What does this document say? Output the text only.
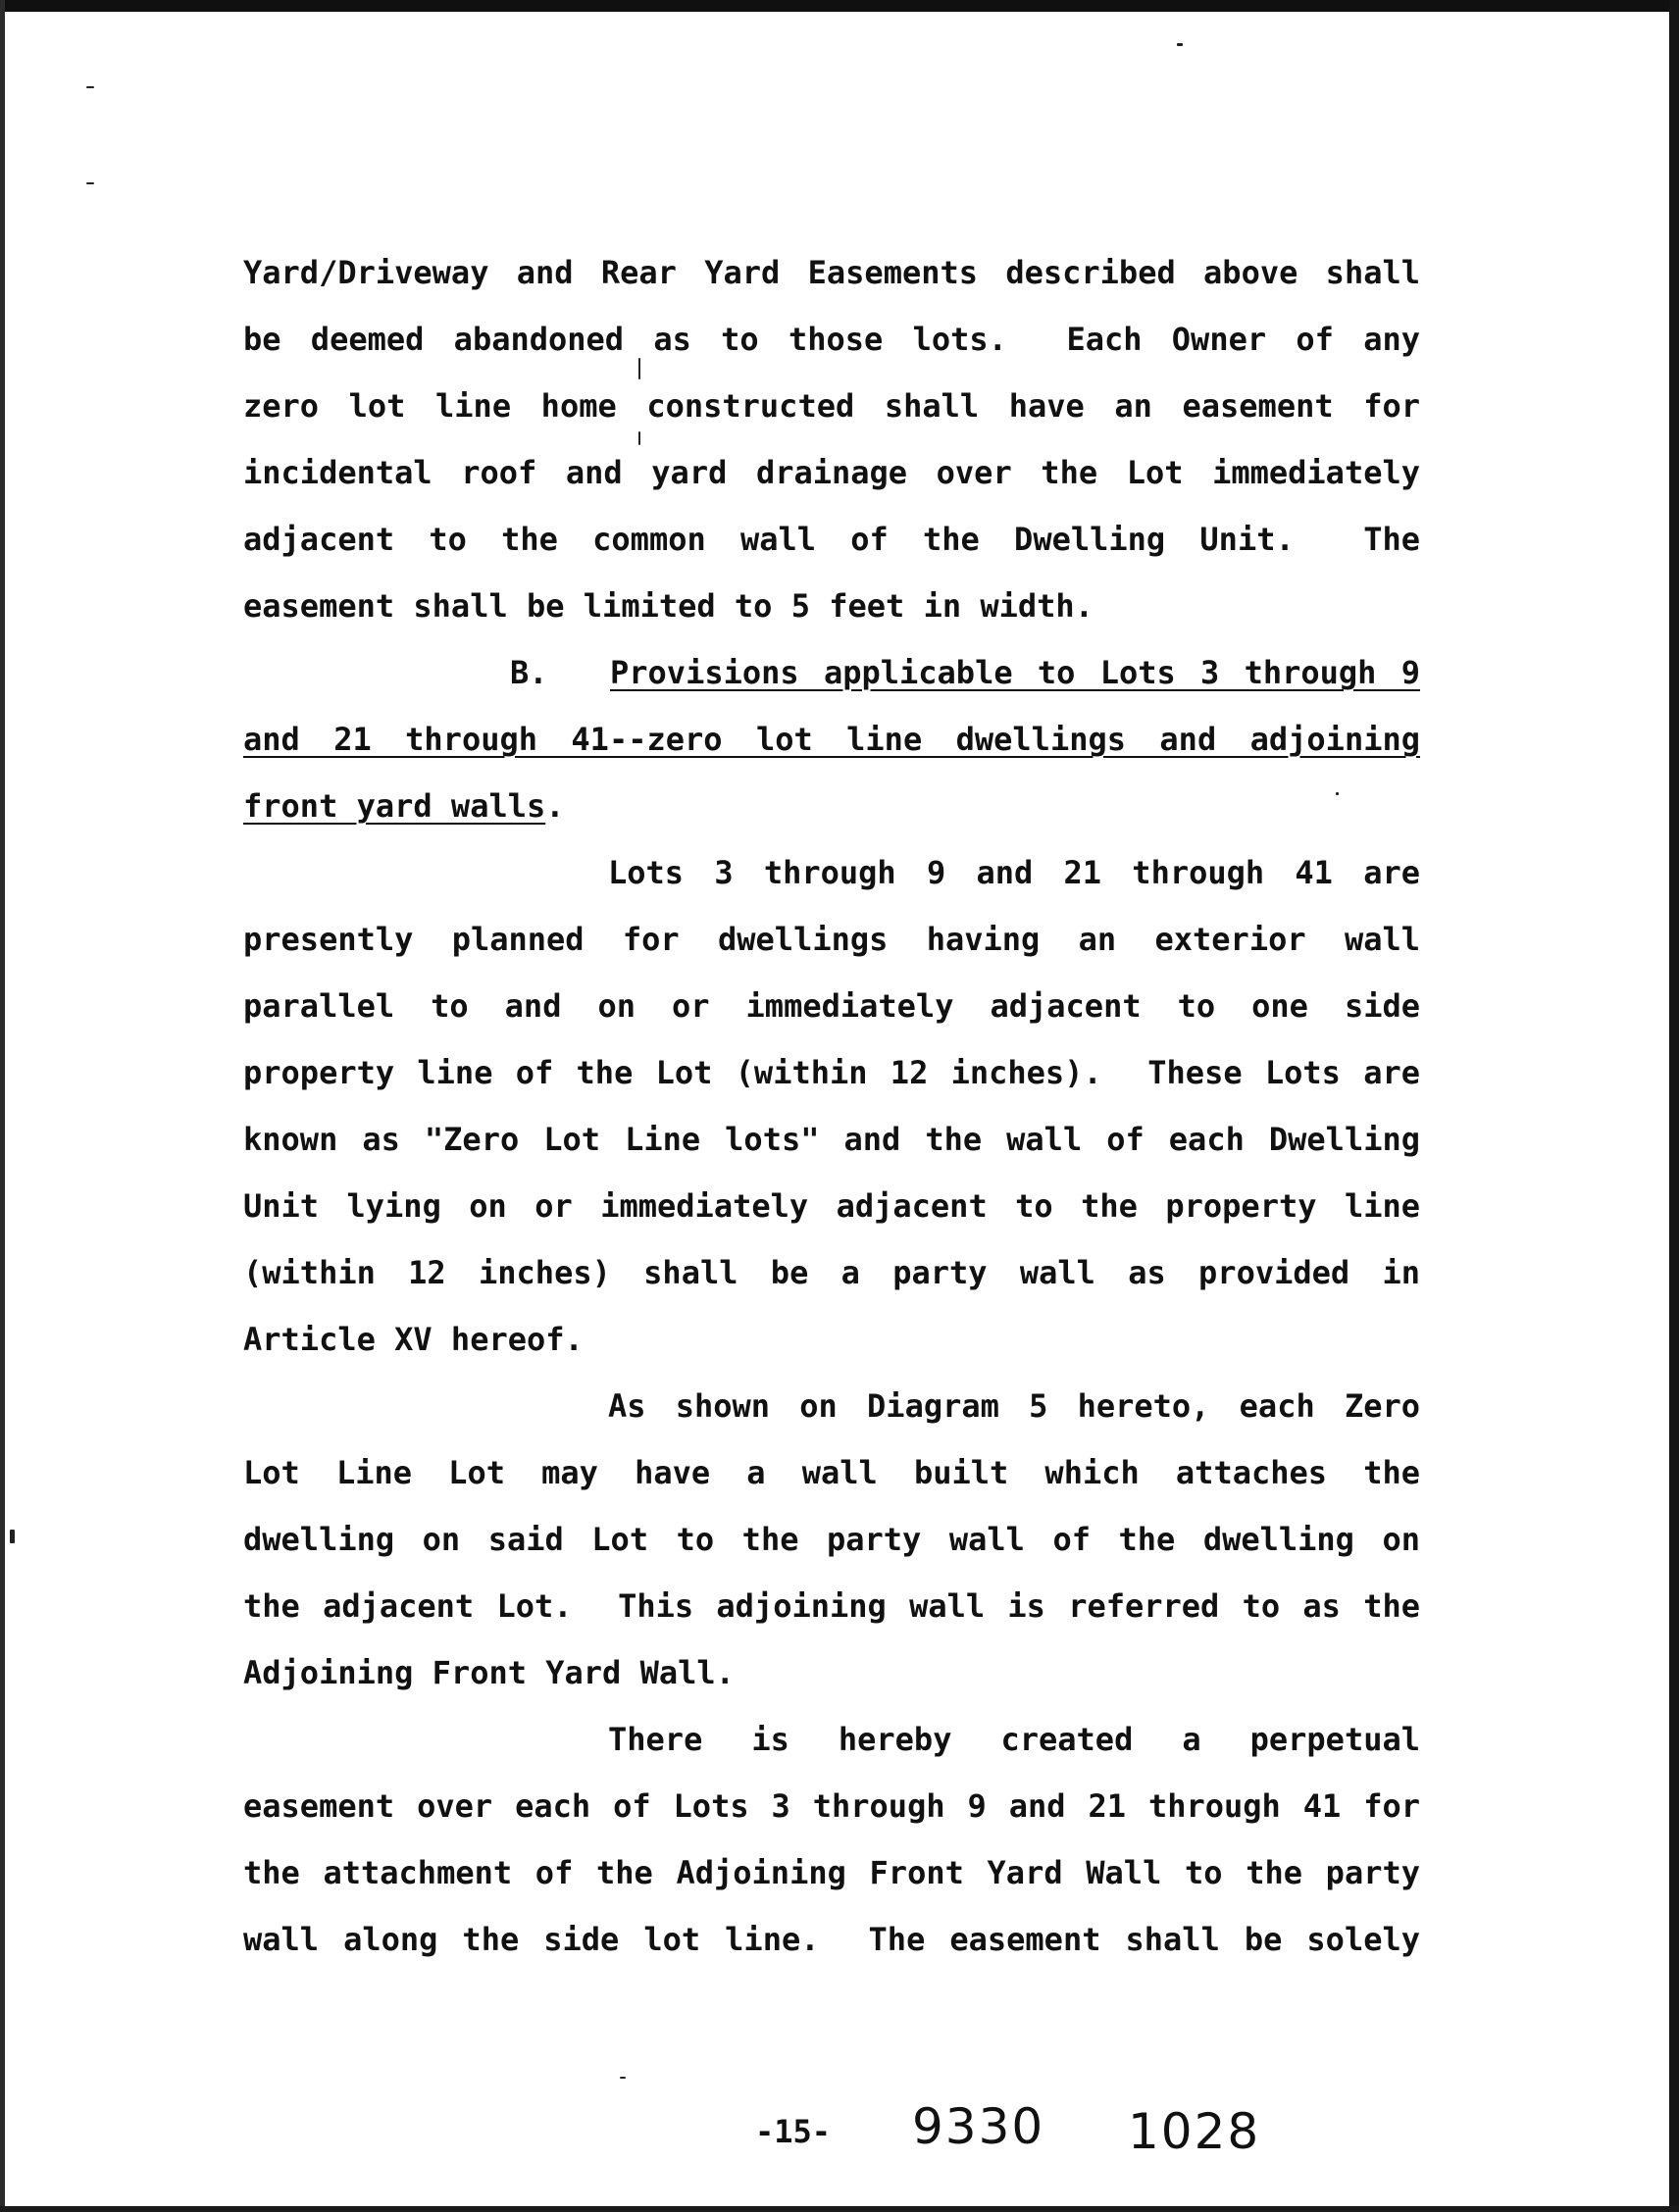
Yard/Driveway and Rear Yard Easements described above shall
be deemed abandoned as to those lots.  Each Owner of any
zero lot line home constructed shall have an easement for
incidental roof and yard drainage over the Lot immediately
adjacent to the common wall of the Dwelling Unit.  The
easement shall be limited to 5 feet in width.
B.	Provisions applicable to Lots 3 through 9
and 21 through 41--zero lot line dwellings and adjoining
front yard walls.
Lots 3 through 9 and 21 through 41 are
presently planned for dwellings having an exterior wall
parallel to and on or immediately adjacent to one side
property line of the Lot (within 12 inches).  These Lots are
known as "Zero Lot Line lots" and the wall of each Dwelling
Unit lying on or immediately adjacent to the property line
(within 12 inches) shall be a party wall as provided in
Article XV hereof.
As shown on Diagram 5 hereto, each Zero
Lot Line Lot may have a wall built which attaches the
dwelling on said Lot to the party wall of the dwelling on
the adjacent Lot.  This adjoining wall is referred to as the
Adjoining Front Yard Wall.
There is hereby created a perpetual
easement over each of Lots 3 through 9 and 21 through 41 for
the attachment of the Adjoining Front Yard Wall to the party
wall along the side lot line.  The easement shall be solely
-15- 9330 1028
